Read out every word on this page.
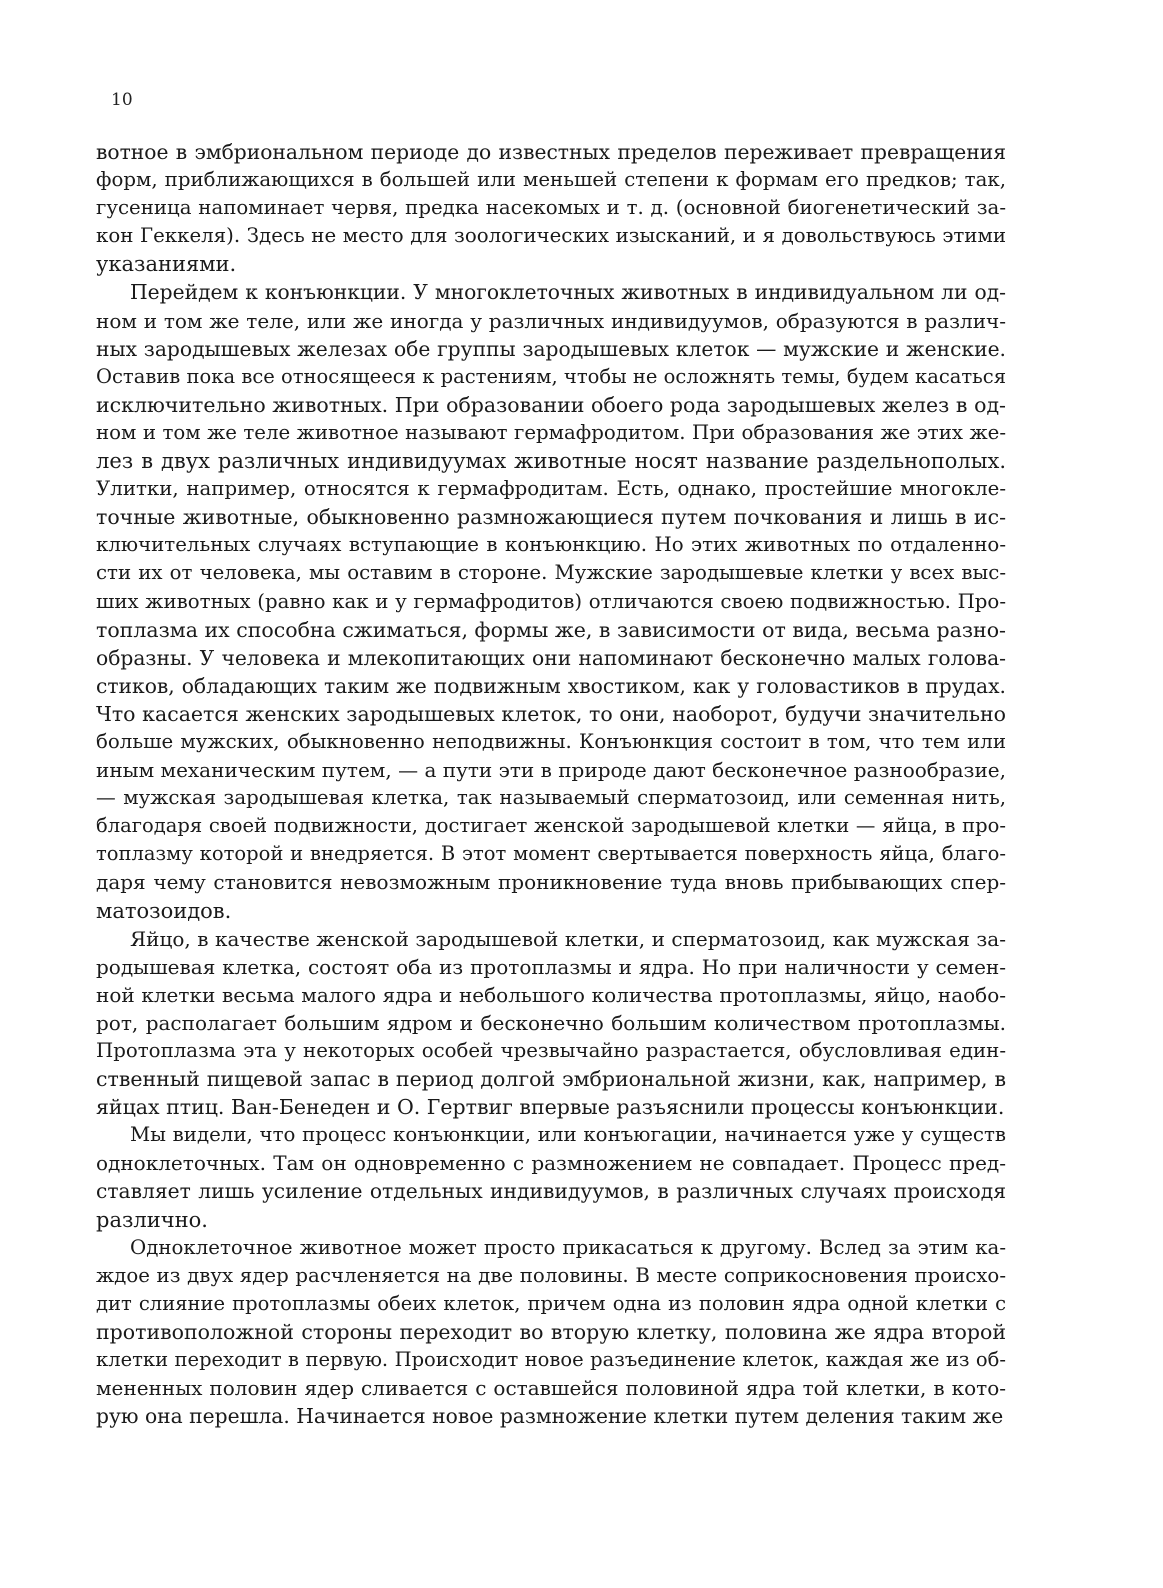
10
вотное в эмбриональном периоде до известных пределов переживает превращения
форм, приближающихся в большей или меньшей степени к формам его предков; так,
гусеница напоминает червя, предка насекомых и т. д. (основной биогенетический за-
кон Геккеля). Здесь не место для зоологических изысканий, и я довольствуюсь этими
указаниями.
Перейдем к конъюнкции. У многоклеточных животных в индивидуальном ли од-
ном и том же теле, или же иногда у различных индивидуумов, образуются в различ-
ных зародышевых железах обе группы зародышевых клеток — мужские и женские.
Оставив пока все относящееся к растениям, чтобы не осложнять темы, будем касаться
исключительно животных. При образовании обоего рода зародышевых желез в од-
ном и том же теле животное называют гермафродитом. При образования же этих же-
лез в двух различных индивидуумах животные носят название раздельнополых.
Улитки, например, относятся к гермафродитам. Есть, однако, простейшие многокле-
точные животные, обыкновенно размножающиеся путем почкования и лишь в ис-
ключительных случаях вступающие в конъюнкцию. Но этих животных по отдаленно-
сти их от человека, мы оставим в стороне. Мужские зародышевые клетки у всех выс-
ших животных (равно как и у гермафродитов) отличаются своею подвижностью. Про-
топлазма их способна сжиматься, формы же, в зависимости от вида, весьма разно-
образны. У человека и млекопитающих они напоминают бесконечно малых голова-
стиков, обладающих таким же подвижным хвостиком, как у головастиков в прудах.
Что касается женских зародышевых клеток, то они, наоборот, будучи значительно
больше мужских, обыкновенно неподвижны. Конъюнкция состоит в том, что тем или
иным механическим путем, — а пути эти в природе дают бесконечное разнообразие,
— мужская зародышевая клетка, так называемый сперматозоид, или семенная нить,
благодаря своей подвижности, достигает женской зародышевой клетки — яйца, в про-
топлазму которой и внедряется. В этот момент свертывается поверхность яйца, благо-
даря чему становится невозможным проникновение туда вновь прибывающих спер-
матозоидов.
Яйцо, в качестве женской зародышевой клетки, и сперматозоид, как мужская за-
родышевая клетка, состоят оба из протоплазмы и ядра. Но при наличности у семен-
ной клетки весьма малого ядра и небольшого количества протоплазмы, яйцо, наобо-
рот, располагает большим ядром и бесконечно большим количеством протоплазмы.
Протоплазма эта у некоторых особей чрезвычайно разрастается, обусловливая един-
ственный пищевой запас в период долгой эмбриональной жизни, как, например, в
яйцах птиц. Ван-Бенеден и О. Гертвиг впервые разъяснили процессы конъюнкции.
Мы видели, что процесс конъюнкции, или конъюгации, начинается уже у существ
одноклеточных. Там он одновременно с размножением не совпадает. Процесс пред-
ставляет лишь усиление отдельных индивидуумов, в различных случаях происходя
различно.
Одноклеточное животное может просто прикасаться к другому. Вслед за этим ка-
ждое из двух ядер расчленяется на две половины. В месте соприкосновения происхо-
дит слияние протоплазмы обеих клеток, причем одна из половин ядра одной клетки с
противоположной стороны переходит во вторую клетку, половина же ядра второй
клетки переходит в первую. Происходит новое разъединение клеток, каждая же из об-
мененных половин ядер сливается с оставшейся половиной ядра той клетки, в кото-
рую она перешла. Начинается новое размножение клетки путем деления таким же
